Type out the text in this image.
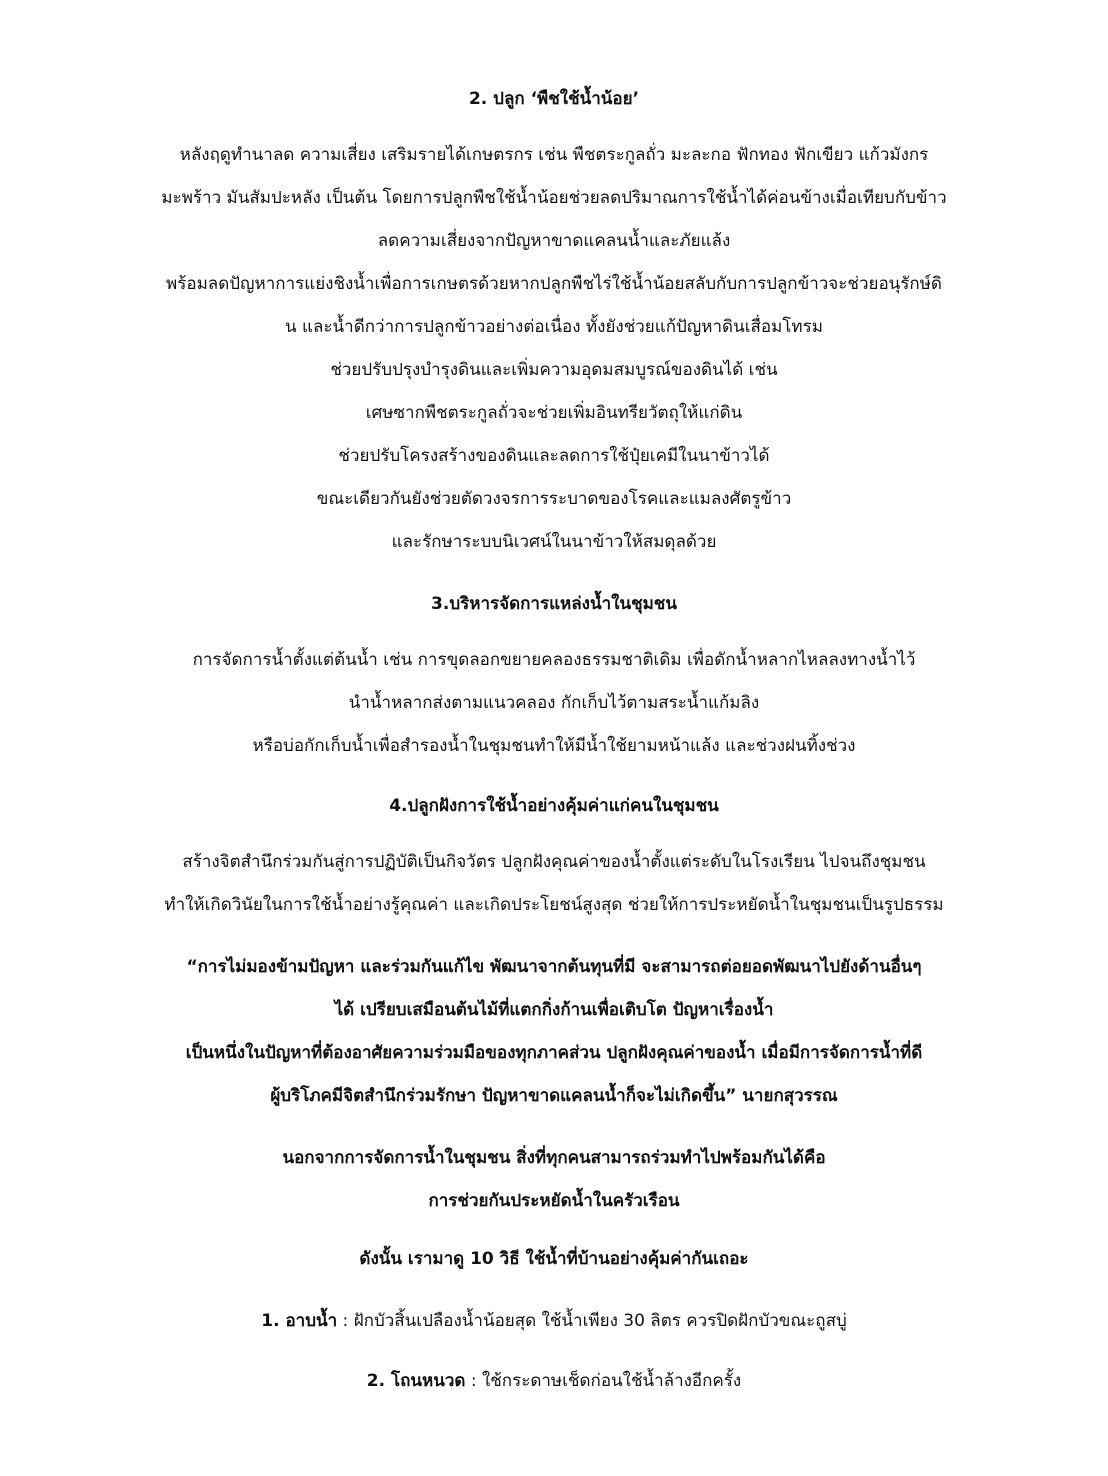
2. ปลูก ‘พืชใช้น้ำน้อย’
หลังฤดูทำนาลด ความเสี่ยง เสริมรายได้เกษตรกร เช่น พืชตระกูลถั่ว มะละกอ ฟักทอง ฟักเขียว แก้วมังกร
มะพร้าว มันสัมปะหลัง เป็นต้น โดยการปลูกพืชใช้น้ำน้อยช่วยลดปริมาณการใช้น้ำได้ค่อนข้างเมื่อเทียบกับข้าว
ลดความเสี่ยงจากปัญหาขาดแคลนน้ำและภัยแล้ง
พร้อมลดปัญหาการแย่งชิงน้ำเพื่อการเกษตรด้วยหากปลูกพืชไร่ใช้น้ำน้อยสลับกับการปลูกข้าวจะช่วยอนุรักษ์ดิ
น และน้ำดีกว่าการปลูกข้าวอย่างต่อเนื่อง ทั้งยังช่วยแก้ปัญหาดินเสื่อมโทรม
ช่วยปรับปรุงบำรุงดินและเพิ่มความอุดมสมบูรณ์ของดินได้ เช่น
เศษซากพืชตระกูลถั่วจะช่วยเพิ่มอินทรียวัตถุให้แก่ดิน
ช่วยปรับโครงสร้างของดินและลดการใช้ปุ๋ยเคมีในนาข้าวได้
ขณะเดียวกันยังช่วยตัดวงจรการระบาดของโรคและแมลงศัตรูข้าว
และรักษาระบบนิเวศน์ในนาข้าวให้สมดุลด้วย
3.บริหารจัดการแหล่งน้ำในชุมชน
การจัดการน้ำตั้งแต่ต้นน้ำ เช่น การขุดลอกขยายคลองธรรมชาติเดิม เพื่อดักน้ำหลากไหลลงทางน้ำไว้
นำน้ำหลากส่งตามแนวคลอง กักเก็บไว้ตามสระน้ำแก้มลิง
หรือบ่อกักเก็บน้ำเพื่อสำรองน้ำในชุมชนทำให้มีน้ำใช้ยามหน้าแล้ง และช่วงฝนทิ้งช่วง
4.ปลูกฝังการใช้น้ำอย่างคุ้มค่าแก่คนในชุมชน
สร้างจิตสำนึกร่วมกันสู่การปฏิบัติเป็นกิจวัตร ปลูกฝังคุณค่าของน้ำตั้งแต่ระดับในโรงเรียน ไปจนถึงชุมชน
ทำให้เกิดวินัยในการใช้น้ำอย่างรู้คุณค่า และเกิดประโยชน์สูงสุด ช่วยให้การประหยัดน้ำในชุมชนเป็นรูปธรรม
“การไม่มองข้ามปัญหา และร่วมกันแก้ไข พัฒนาจากต้นทุนที่มี จะสามารถต่อยอดพัฒนาไปยังด้านอื่นๆ
ได้ เปรียบเสมือนต้นไม้ที่แตกกิ่งก้านเพื่อเติบโต ปัญหาเรื่องน้ำ
เป็นหนึ่งในปัญหาที่ต้องอาศัยความร่วมมือของทุกภาคส่วน ปลูกฝังคุณค่าของน้ำ เมื่อมีการจัดการน้ำที่ดี
ผู้บริโภคมีจิตสำนึกร่วมรักษา ปัญหาขาดแคลนน้ำก็จะไม่เกิดขึ้น” นายกสุวรรณ
นอกจากการจัดการน้ำในชุมชน สิ่งที่ทุกคนสามารถร่วมทำไปพร้อมกันได้คือ
การช่วยกันประหยัดน้ำในครัวเรือน
ดังนั้น เรามาดู 10 วิธี ใช้น้ำที่บ้านอย่างคุ้มค่ากันเถอะ
1. อาบน้ำ : ฝักบัวสิ้นเปลืองน้ำน้อยสุด ใช้น้ำเพียง 30 ลิตร ควรปิดฝักบัวขณะถูสบู่
2. โถนหนวด : ใช้กระดาษเช็ดก่อนใช้น้ำล้างอีกครั้ง
